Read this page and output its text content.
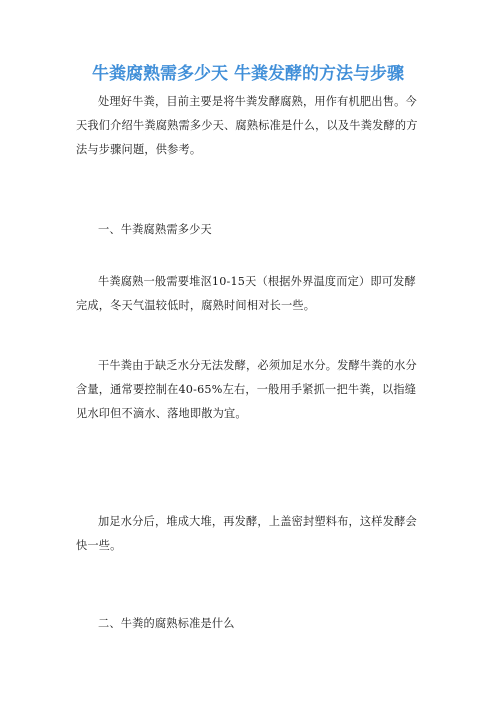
牛粪腐熟需多少天 牛粪发酵的方法与步骤

处理好牛粪，目前主要是将牛粪发酵腐熟，用作有机肥出售。今天我们介绍牛粪腐熟需多少天、腐熟标准是什么，以及牛粪发酵的方法与步骤问题，供参考。

一、牛粪腐熟需多少天

牛粪腐熟一般需要堆沤10-15天（根据外界温度而定）即可发酵完成，冬天气温较低时，腐熟时间相对长一些。

干牛粪由于缺乏水分无法发酵，必须加足水分。发酵牛粪的水分含量，通常要控制在40-65%左右，一般用手紧抓一把牛粪，以指缝见水印但不滴水、落地即散为宜。

加足水分后，堆成大堆，再发酵，上盖密封塑料布，这样发酵会快一些。

二、牛粪的腐熟标准是什么
